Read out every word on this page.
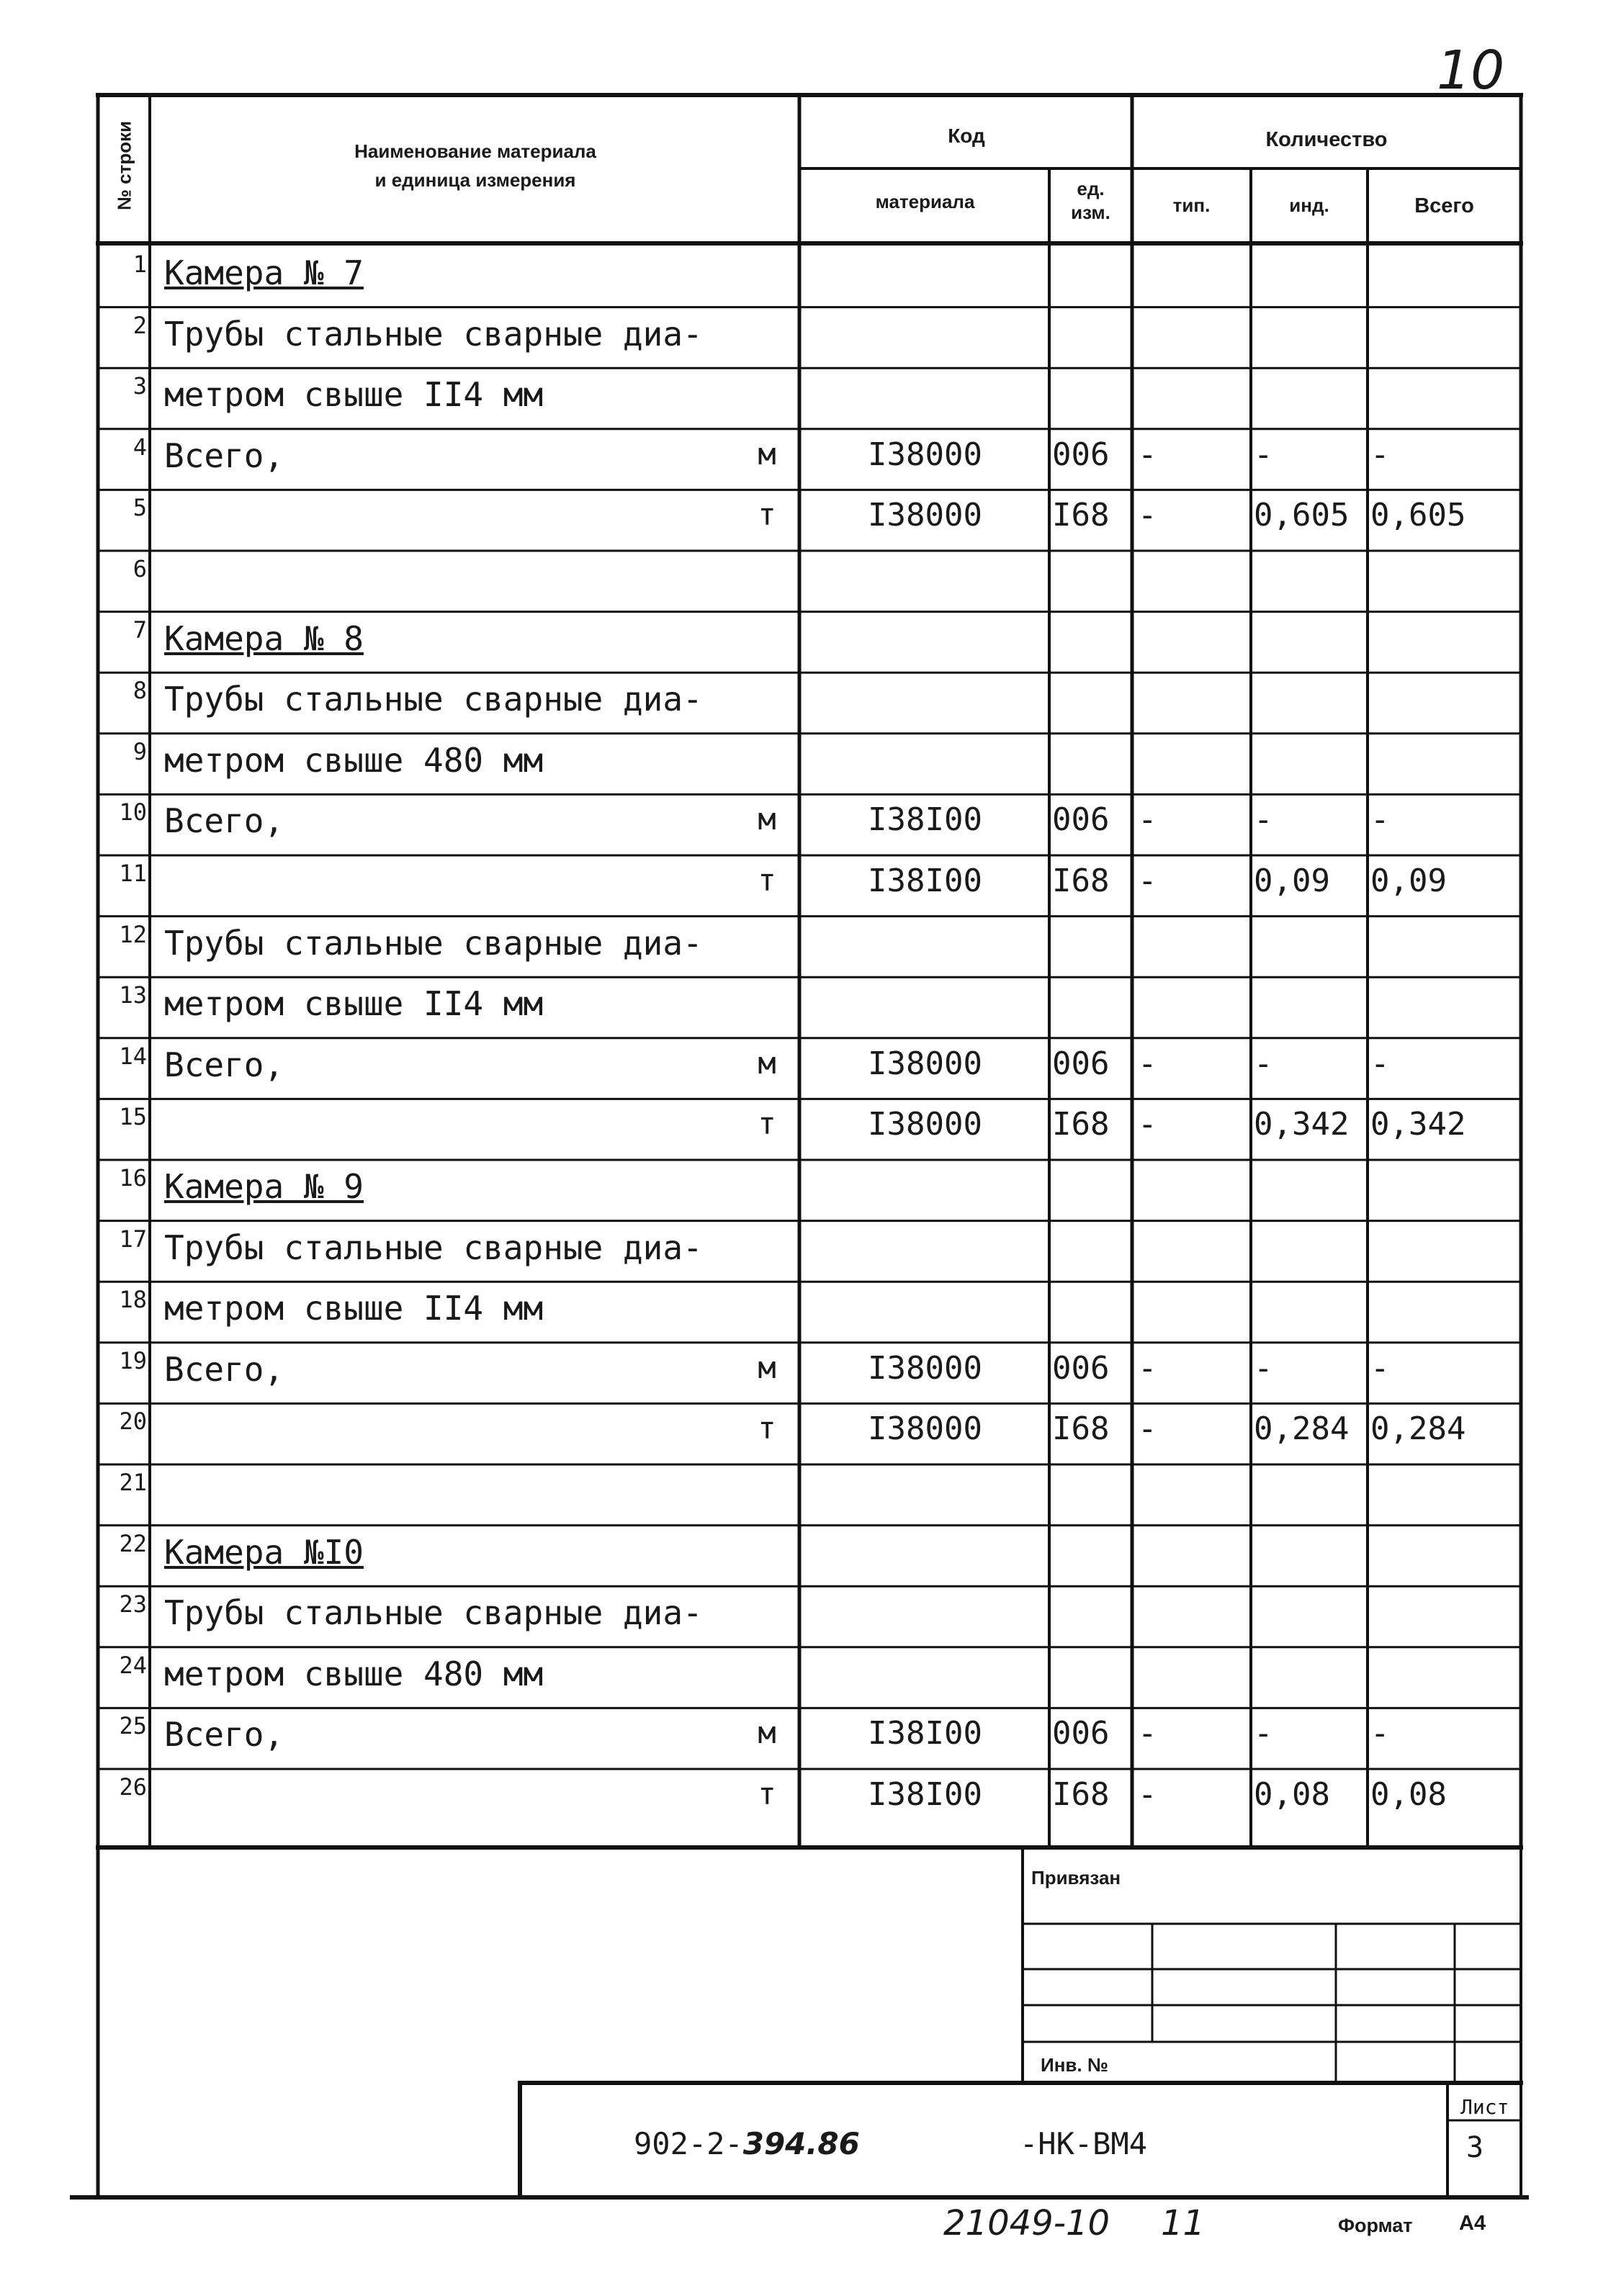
10
№ строки	Наименование материала
и единица измерения
Код	Количество
материала
ед.
изм.	тип.	инд.	Всего
1 Камера № 7
2 Трубы стальные сварные диа-
3 метром свыше II4 мм
4 Всего,	м	I38000	006 -	-	-
5	т	I38000	I68 -	0,605 0,605
6
7 Камера № 8
8 Трубы стальные сварные диа-
9 метром свыше 480 мм
10 Всего,	м	I38I00	006 -	-	-
11	т	I38I00	I68 -	0,09	0,09
12 Трубы стальные сварные диа-
13 метром свыше II4 мм
14 Всего,	м	I38000	006 -	-	-
15	т	I38000	I68 -	0,342 0,342
16 Камера № 9
17 Трубы стальные сварные диа-
18 метром свыше II4 мм
19 Всего,	м	I38000	006 -	-	-
20	т	I38000	I68 -	0,284 0,284
21
22 Камера №I0
23 Трубы стальные сварные диа-
24 метром свыше 480 мм
25 Всего,	м	I38I00	006 -	-	-
26	т	I38I00	I68 -	0,08	0,08
Привязан
Инв. №
902-2-394.86	-НК-ВМ4
Лист
3
21049-10 11	Формат А4
